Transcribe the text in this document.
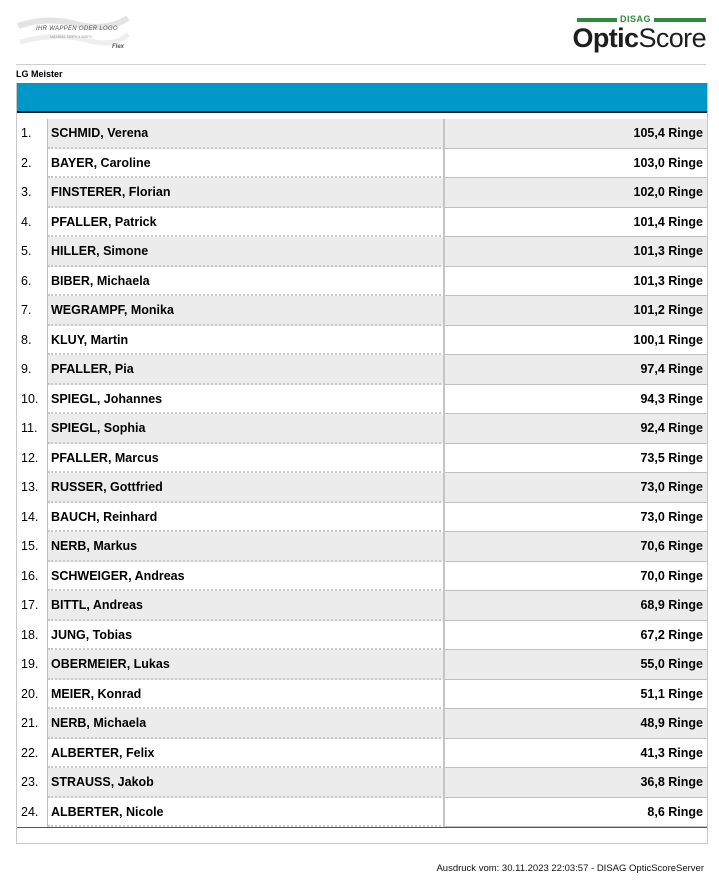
IHR WAPPEN ODER LOGO
MAXIMAL 150PX X 300PX
Flex
DISAG
OpticScore
LG Meister
1.	SCHMID, Verena	105,4 Ringe
2.	BAYER, Caroline	103,0 Ringe
3.	FINSTERER, Florian	102,0 Ringe
4.	PFALLER, Patrick	101,4 Ringe
5.	HILLER, Simone	101,3 Ringe
6.	BIBER, Michaela	101,3 Ringe
7.	WEGRAMPF, Monika	101,2 Ringe
8.	KLUY, Martin	100,1 Ringe
9.	PFALLER, Pia	97,4 Ringe
10.	SPIEGL, Johannes	94,3 Ringe
11.	SPIEGL, Sophia	92,4 Ringe
12.	PFALLER, Marcus	73,5 Ringe
13.	RUSSER, Gottfried	73,0 Ringe
14.	BAUCH, Reinhard	73,0 Ringe
15.	NERB, Markus	70,6 Ringe
16.	SCHWEIGER, Andreas	70,0 Ringe
17.	BITTL, Andreas	68,9 Ringe
18.	JUNG, Tobias	67,2 Ringe
19.	OBERMEIER, Lukas	55,0 Ringe
20.	MEIER, Konrad	51,1 Ringe
21.	NERB, Michaela	48,9 Ringe
22.	ALBERTER, Felix	41,3 Ringe
23.	STRAUSS, Jakob	36,8 Ringe
24.	ALBERTER, Nicole	8,6 Ringe
Ausdruck vom: 30.11.2023 22:03:57 - DISAG OpticScoreServer
